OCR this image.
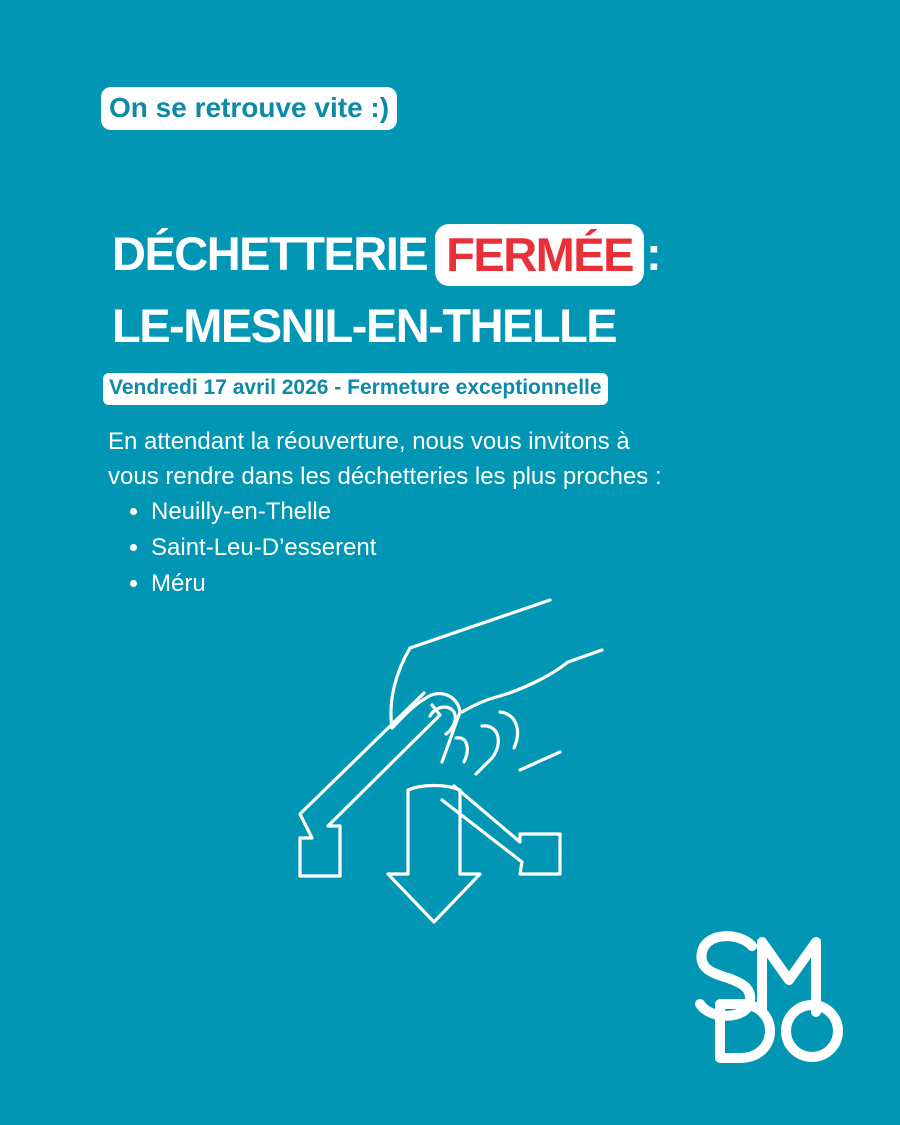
On se retrouve vite :)
DÉCHETTERIE FERMÉE :
LE-MESNIL-EN-THELLE
Vendredi 17 avril 2026 - Fermeture exceptionnelle

En attendant la réouverture, nous vous invitons à

vous rendre dans les déchetteries les plus proches :

• Neuilly-en-Thelle
• Saint-Leu-D’esserent
• Méru
